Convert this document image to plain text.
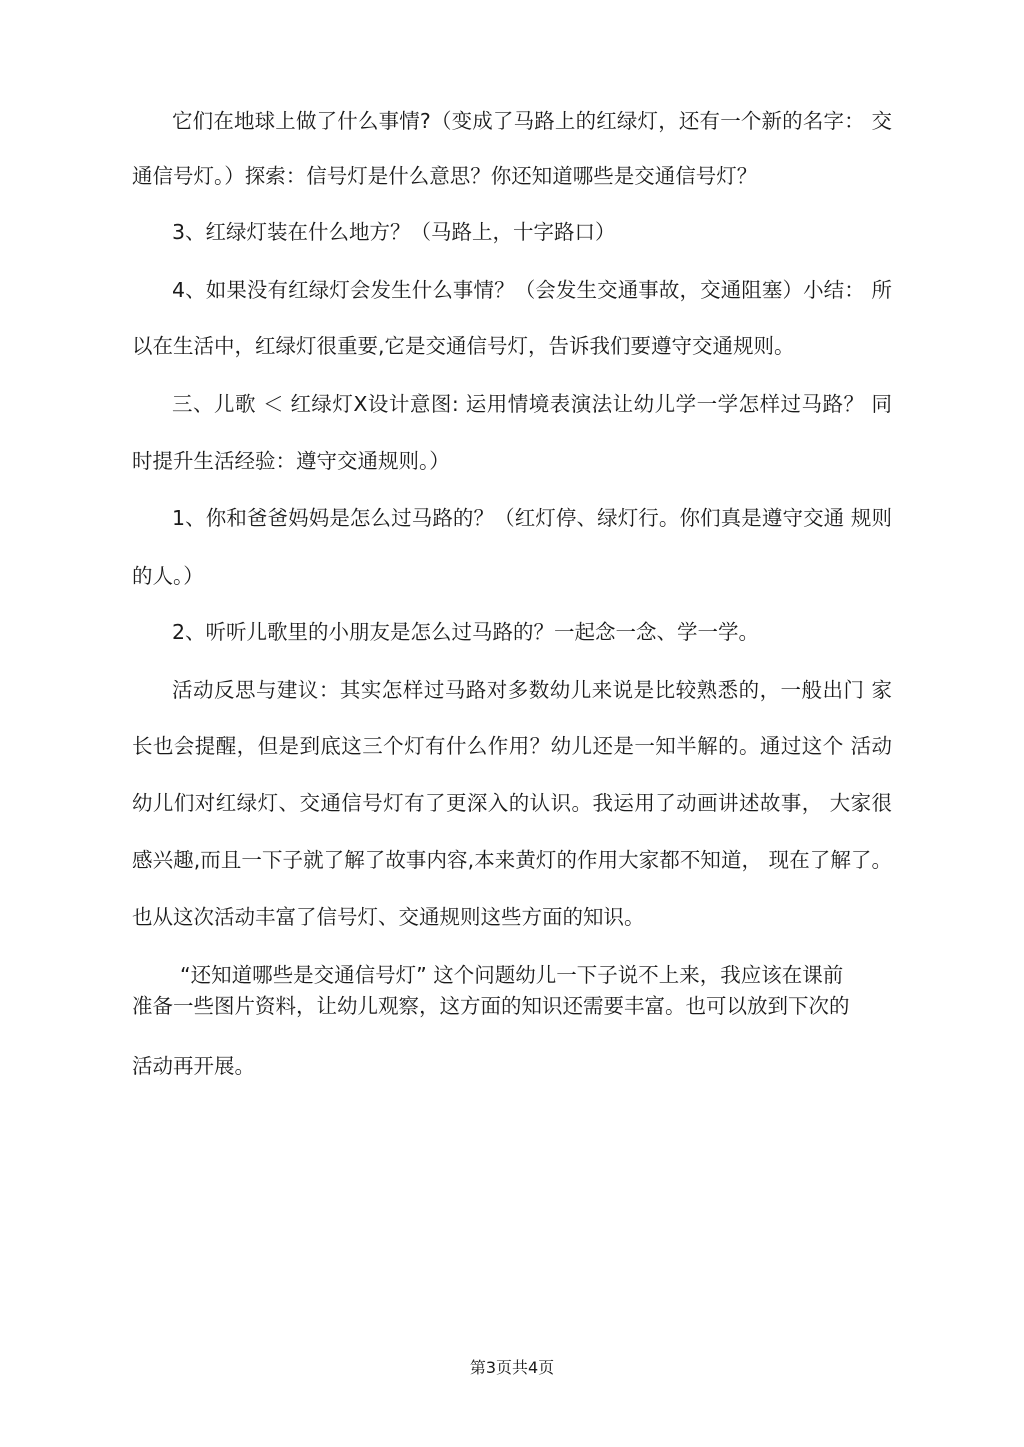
它们在地球上做了什么事情?（变成了马路上的红绿灯，还有一个新的名字： 交
通信号灯。）探索：信号灯是什么意思？你还知道哪些是交通信号灯？
3、红绿灯装在什么地方？（马路上，十字路口）
4、如果没有红绿灯会发生什么事情？（会发生交通事故，交通阻塞）小结： 所
以在生活中，红绿灯很重要,它是交通信号灯，告诉我们要遵守交通规则。
三、儿歌 ＜ 红绿灯X设计意图: 运用情境表演法让幼儿学一学怎样过马路？ 同
时提升生活经验：遵守交通规则。）
1、你和爸爸妈妈是怎么过马路的？（红灯停、绿灯行。你们真是遵守交通 规则
的人。）
2、听听儿歌里的小朋友是怎么过马路的？一起念一念、学一学。
活动反思与建议：其实怎样过马路对多数幼儿来说是比较熟悉的，一般出门 家
长也会提醒，但是到底这三个灯有什么作用？幼儿还是一知半解的。通过这个 活动
幼儿们对红绿灯、交通信号灯有了更深入的认识。我运用了动画讲述故事， 大家很
感兴趣,而且一下子就了解了故事内容,本来黄灯的作用大家都不知道， 现在了解了。
也从这次活动丰富了信号灯、交通规则这些方面的知识。
“还知道哪些是交通信号灯” 这个问题幼儿一下子说不上来，我应该在课前
准备一些图片资料，让幼儿观察，这方面的知识还需要丰富。也可以放到下次的
活动再开展。
第3页共4页
